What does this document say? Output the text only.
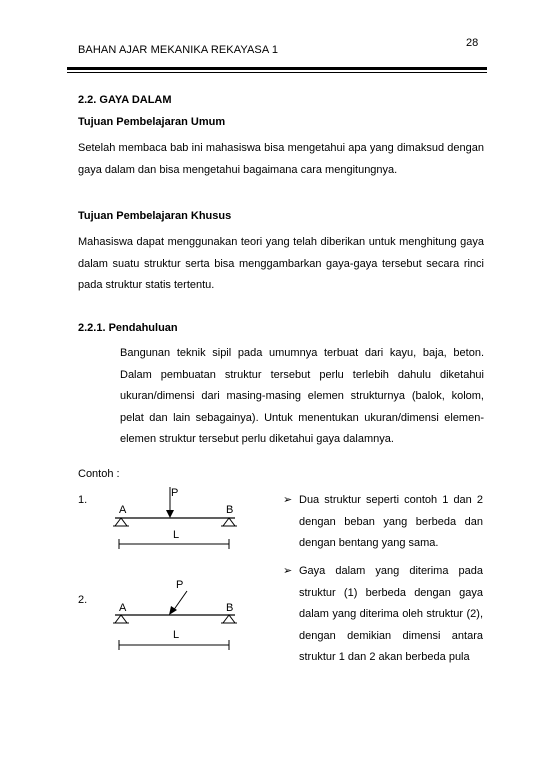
BAHAN AJAR MEKANIKA REKAYASA 1
28
2.2. GAYA DALAM
Tujuan Pembelajaran Umum
Setelah membaca bab ini mahasiswa bisa mengetahui apa yang dimaksud dengan gaya dalam dan bisa mengetahui bagaimana cara mengitungnya.
Tujuan Pembelajaran Khusus
Mahasiswa dapat menggunakan teori yang telah diberikan untuk menghitung gaya dalam suatu struktur serta bisa menggambarkan gaya-gaya tersebut secara rinci pada struktur statis tertentu.
2.2.1. Pendahuluan
Bangunan teknik sipil pada umumnya terbuat dari kayu, baja, beton. Dalam pembuatan struktur tersebut perlu terlebih dahulu diketahui ukuran/dimensi dari masing-masing elemen strukturnya (balok, kolom, pelat dan lain sebagainya). Untuk menentukan ukuran/dimensi elemen-elemen struktur tersebut perlu diketahui gaya dalamnya.
Contoh :
1.
P
A	B
L
2.
P
A	B
L
➢ Dua struktur seperti contoh 1 dan 2 dengan beban yang berbeda dan dengan bentang yang sama.
➢ Gaya dalam yang diterima pada struktur (1) berbeda dengan gaya dalam yang diterima oleh struktur (2), dengan demikian dimensi antara struktur 1 dan 2 akan berbeda pula
